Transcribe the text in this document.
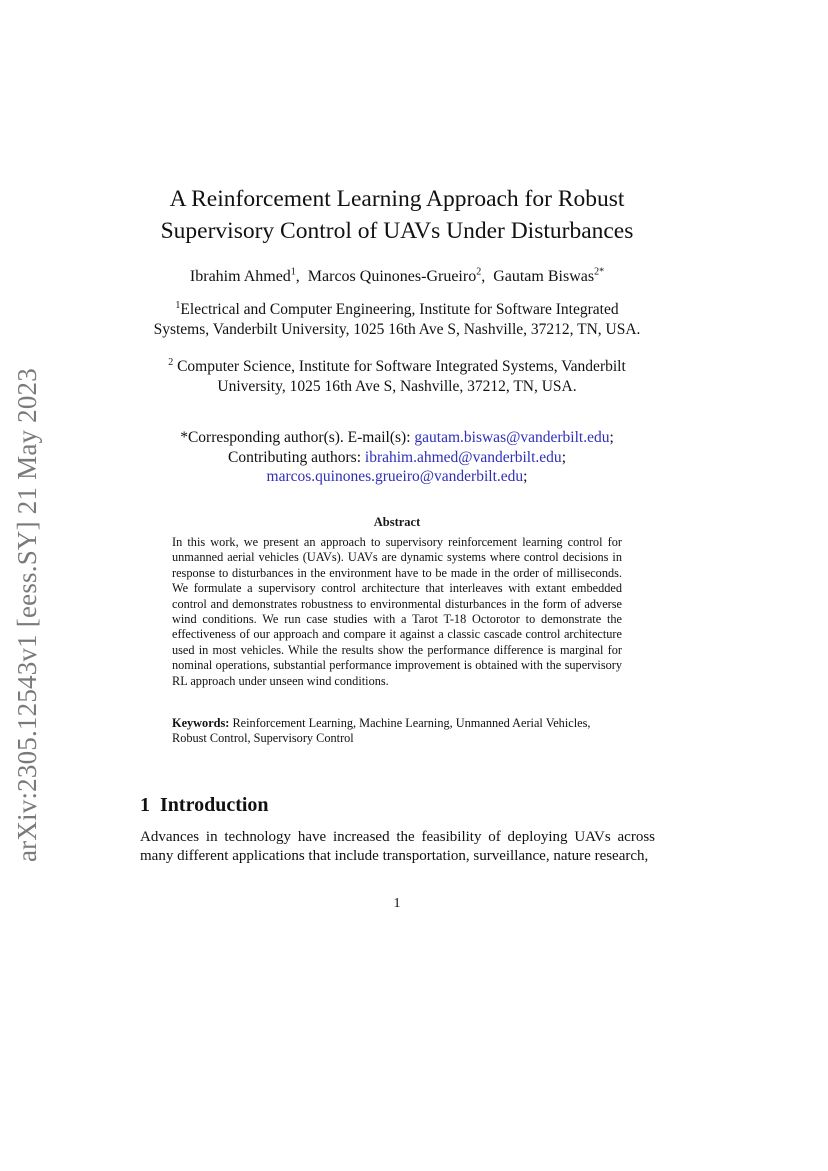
arXiv:2305.12543v1 [eess.SY] 21 May 2023
A Reinforcement Learning Approach for Robust
Supervisory Control of UAVs Under Disturbances
Ibrahim Ahmed$^1$,  Marcos Quinones-Grueiro$^2$,  Gautam Biswas$^{2*}$
$^1$Electrical and Computer Engineering, Institute for Software Integrated Systems, Vanderbilt University, 1025 16th Ave S, Nashville, 37212, TN, USA.
$^2$ Computer Science, Institute for Software Integrated Systems, Vanderbilt University, 1025 16th Ave S, Nashville, 37212, TN, USA.
*Corresponding author(s). E-mail(s): gautam.biswas@vanderbilt.edu;
Contributing authors: ibrahim.ahmed@vanderbilt.edu;
marcos.quinones.grueiro@vanderbilt.edu;
Abstract
In this work, we present an approach to supervisory reinforcement learning control for unmanned aerial vehicles (UAVs). UAVs are dynamic systems where control decisions in response to disturbances in the environment have to be made in the order of milliseconds. We formulate a supervisory control architecture that interleaves with extant embedded control and demonstrates robustness to environmental disturbances in the form of adverse wind conditions. We run case studies with a Tarot T-18 Octorotor to demonstrate the effectiveness of our approach and compare it against a classic cascade control architecture used in most vehicles. While the results show the performance difference is marginal for nominal operations, substantial performance improvement is obtained with the supervisory RL approach under unseen wind conditions.
Keywords: Reinforcement Learning, Machine Learning, Unmanned Aerial Vehicles, Robust Control, Supervisory Control
1 Introduction
Advances in technology have increased the feasibility of deploying UAVs across many different applications that include transportation, surveillance, nature research,
1
